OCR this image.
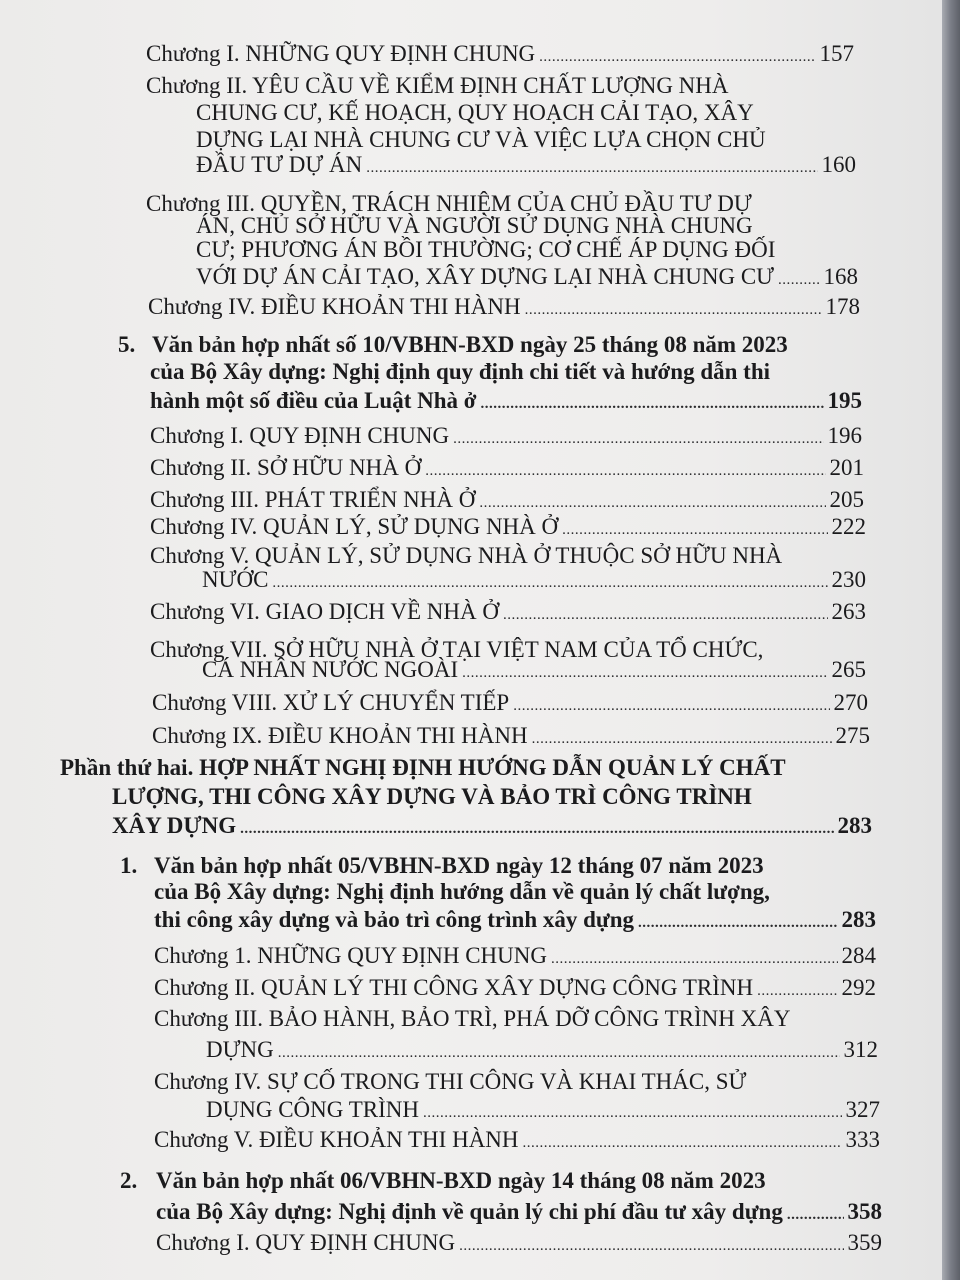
Chương I. NHỮNG QUY ĐỊNH CHUNG .....	157
Chương II. YÊU CẦU VỀ KIỂM ĐỊNH CHẤT LƯỢNG NHÀ
CHUNG CƯ, KẾ HOẠCH, QUY HOẠCH CẢI TẠO, XÂY
DỰNG LẠI NHÀ CHUNG CƯ VÀ VIỆC LỰA CHỌN CHỦ
ĐẦU TƯ DỰ ÁN .....	160
Chương III. QUYỀN, TRÁCH NHIỆM CỦA CHỦ ĐẦU TƯ DỰ
ÁN, CHỦ SỞ HỮU VÀ NGƯỜI SỬ DỤNG NHÀ CHUNG
CƯ; PHƯƠNG ÁN BỒI THƯỜNG; CƠ CHẾ ÁP DỤNG ĐỐI
VỚI DỰ ÁN CẢI TẠO, XÂY DỰNG LẠI NHÀ CHUNG CƯ ..... 168
Chương IV. ĐIỀU KHOẢN THI HÀNH .....	178
5. Văn bản hợp nhất số 10/VBHN-BXD ngày 25 tháng 08 năm 2023
của Bộ Xây dựng: Nghị định quy định chi tiết và hướng dẫn thi
hành một số điều của Luật Nhà ở .....	195
Chương I. QUY ĐỊNH CHUNG .....	196
Chương II. SỞ HỮU NHÀ Ở .....	201
Chương III. PHÁT TRIỂN NHÀ Ở .....	205
Chương IV. QUẢN LÝ, SỬ DỤNG NHÀ Ở .....	222
Chương V. QUẢN LÝ, SỬ DỤNG NHÀ Ở THUỘC SỞ HỮU NHÀ
NƯỚC .....	230
Chương VI. GIAO DỊCH VỀ NHÀ Ở .....	263
Chương VII. SỞ HỮU NHÀ Ở TẠI VIỆT NAM CỦA TỔ CHỨC,
CÁ NHÂN NƯỚC NGOÀI .....	265
Chương VIII. XỬ LÝ CHUYỂN TIẾP .....	270
Chương IX. ĐIỀU KHOẢN THI HÀNH .....	275
Phần thứ hai. HỢP NHẤT NGHỊ ĐỊNH HƯỚNG DẪN QUẢN LÝ CHẤT
LƯỢNG, THI CÔNG XÂY DỰNG VÀ BẢO TRÌ CÔNG TRÌNH
XÂY DỰNG .....	283
1. Văn bản hợp nhất 05/VBHN-BXD ngày 12 tháng 07 năm 2023
của Bộ Xây dựng: Nghị định hướng dẫn về quản lý chất lượng,
thi công xây dựng và bảo trì công trình xây dựng .....	283
Chương 1. NHỮNG QUY ĐỊNH CHUNG .....	284
Chương II. QUẢN LÝ THI CÔNG XÂY DỰNG CÔNG TRÌNH .....	292
Chương III. BẢO HÀNH, BẢO TRÌ, PHÁ DỠ CÔNG TRÌNH XÂY
DỰNG .....	312
Chương IV. SỰ CỐ TRONG THI CÔNG VÀ KHAI THÁC, SỬ
DỤNG CÔNG TRÌNH .....	327
Chương V. ĐIỀU KHOẢN THI HÀNH .....	333
2. Văn bản hợp nhất 06/VBHN-BXD ngày 14 tháng 08 năm 2023
của Bộ Xây dựng: Nghị định về quản lý chi phí đầu tư xây dựng .....	358
Chương I. QUY ĐỊNH CHUNG .....	359
